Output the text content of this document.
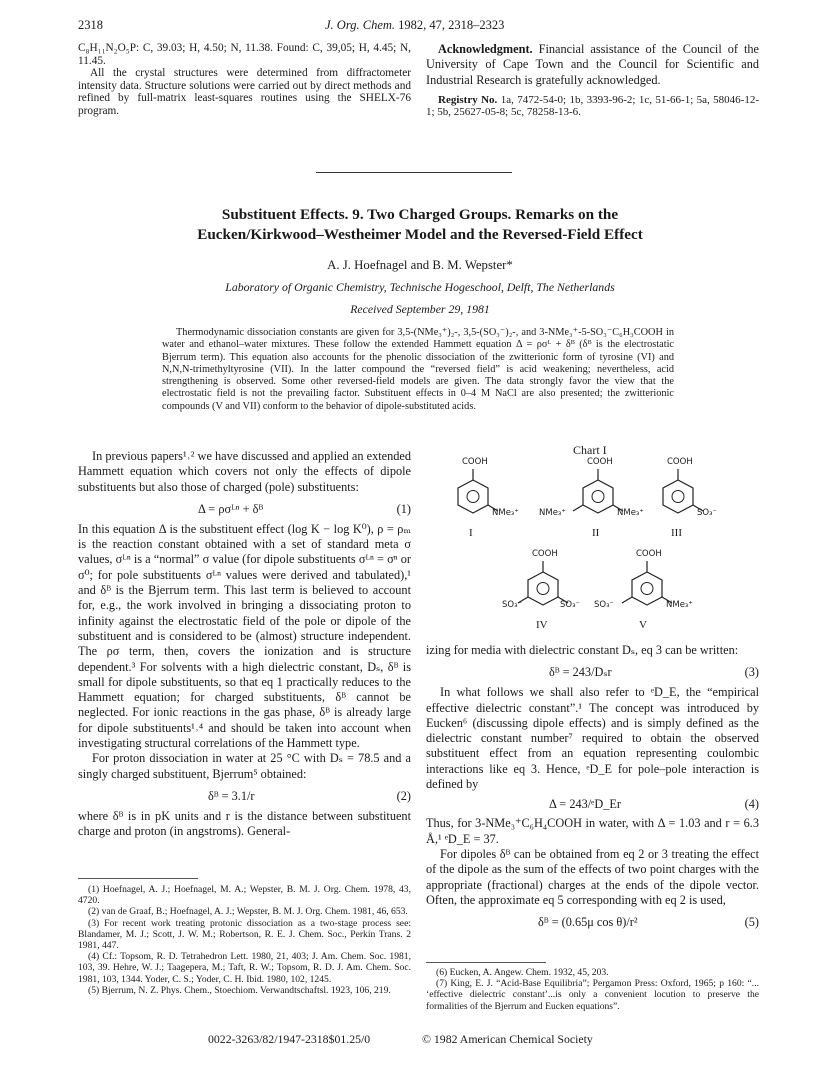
2318	J. Org. Chem. 1982, 47, 2318–2323

C₈H₁₁N₂O₅P: C, 39.03; H, 4.50; N, 11.38. Found: C, 39,05; H, 4.45; N, 11.45.

All the crystal structures were determined from diffractometer intensity data. Structure solutions were carried out by direct methods and refined by full-matrix least-squares routines using the SHELX-76 program.

Acknowledgment. Financial assistance of the Council of the University of Cape Town and the Council for Scientific and Industrial Research is gratefully acknowledged.

Registry No. 1a, 7472-54-0; 1b, 3393-96-2; 1c, 51-66-1; 5a, 58046-12-1; 5b, 25627-05-8; 5c, 78258-13-6.

Substituent Effects. 9. Two Charged Groups. Remarks on the
Eucken/Kirkwood–Westheimer Model and the Reversed-Field Effect
A. J. Hoefnagel and B. M. Wepster*
Laboratory of Organic Chemistry, Technische Hogeschool, Delft, The Netherlands
Received September 29, 1981
Thermodynamic dissociation constants are given for 3,5-(NMe₃⁺)₂-, 3,5-(SO₃⁻)₂-, and 3-NMe₃⁺-5-SO₃⁻C₆H₃COOH in water and ethanol–water mixtures. These follow the extended Hammett equation Δ = ρσᴸ + δᴮ (δᴮ is the electrostatic Bjerrum term). This equation also accounts for the phenolic dissociation of the zwitterionic form of tyrosine (VI) and N,N,N-trimethyltyrosine (VII). In the latter compound the “reversed field” is acid weakening; nevertheless, acid strengthening is observed. Some other reversed-field models are given. The data strongly favor the view that the electrostatic field is not the prevailing factor. Substituent effects in 0–4 M NaCl are also presented; the zwitterionic compounds (V and VII) conform to the behavior of dipole-substituted acids.

In previous papers¹˒² we have discussed and applied an extended Hammett equation which covers not only the effects of dipole substituents but also those of charged (pole) substituents:

Δ = ρσᴸⁿ + δᴮ	(1)

In this equation Δ is the substituent effect (log K − log K⁰), ρ = ρₘ is the reaction constant obtained with a set of standard meta σ values, σᴸⁿ is a “normal” σ value (for dipole substituents σᴸⁿ = σⁿ or σ⁰; for pole substituents σᴸⁿ values were derived and tabulated),¹ and δᴮ is the Bjerrum term. This last term is believed to account for, e.g., the work involved in bringing a dissociating proton to infinity against the electrostatic field of the pole or dipole of the substituent and is considered to be (almost) structure independent. The ρσ term, then, covers the ionization and is structure dependent.³ For solvents with a high dielectric constant, Dₛ, δᴮ is small for dipole substituents, so that eq 1 practically reduces to the Hammett equation; for charged substituents, δᴮ cannot be neglected. For ionic reactions in the gas phase, δᴮ is already large for dipole substituents¹˒⁴ and should be taken into account when investigating structural correlations of the Hammett type.

For proton dissociation in water at 25 °C with Dₛ = 78.5 and a singly charged substituent, Bjerrum⁵ obtained:

δᴮ = 3.1/r	(2)

where δᴮ is in pK units and r is the distance between substituent charge and proton (in angstroms). General-

(1) Hoefnagel, A. J.; Hoefnagel, M. A.; Wepster, B. M. J. Org. Chem. 1978, 43, 4720.

(2) van de Graaf, B.; Hoefnagel, A. J.; Wepster, B. M. J. Org. Chem. 1981, 46, 653.

(3) For recent work treating protonic dissociation as a two-stage process see: Blandamer, M. J.; Scott, J. W. M.; Robertson, R. E. J. Chem. Soc., Perkin Trans. 2 1981, 447.

(4) Cf.: Topsom, R. D. Tetrahedron Lett. 1980, 21, 403; J. Am. Chem. Soc. 1981, 103, 39. Hehre, W. J.; Taagepera, M.; Taft, R. W.; Topsom, R. D. J. Am. Chem. Soc. 1981, 103, 1344. Yoder, C. S.; Yoder, C. H. Ibid. 1980, 102, 1245.

(5) Bjerrum, N. Z. Phys. Chem., Stoechiom. Verwandtschaftsl. 1923, 106, 219.

Chart I
COOH
NMe₃⁺
I
COOH
NMe₃⁺	NMe₃⁺
II
COOH
SO₃⁻
III
COOH
SO₃⁻	SO₃⁻
IV
COOH
SO₃⁻	NMe₃⁺
V

izing for media with dielectric constant Dₛ, eq 3 can be written:

δᴮ = 243/Dₛr	(3)

In what follows we shall also refer to ᵉD_E, the “empirical effective dielectric constant”.¹ The concept was introduced by Eucken⁶ (discussing dipole effects) and is simply defined as the dielectric constant number⁷ required to obtain the observed substituent effect from an equation representing coulombic interactions like eq 3. Hence, ᵉD_E for pole–pole interaction is defined by

Δ = 243/ᵉD_Er	(4)

Thus, for 3-NMe₃⁺C₆H₄COOH in water, with Δ = 1.03 and r = 6.3 Å,¹ ᵉD_E = 37.

For dipoles δᴮ can be obtained from eq 2 or 3 treating the effect of the dipole as the sum of the effects of two point charges with the appropriate (fractional) charges at the ends of the dipole vector. Often, the approximate eq 5 corresponding with eq 2 is used,

δᴮ = (0.65μ cos θ)/r²	(5)

(6) Eucken, A. Angew. Chem. 1932, 45, 203.

(7) King, E. J. “Acid-Base Equilibria”; Pergamon Press: Oxford, 1965; p 160: “... ‘effective dielectric constant’...is only a convenient locution to preserve the formalities of the Bjerrum and Eucken equations”.

0022-3263/82/1947-2318$01.25/0	© 1982 American Chemical Society
